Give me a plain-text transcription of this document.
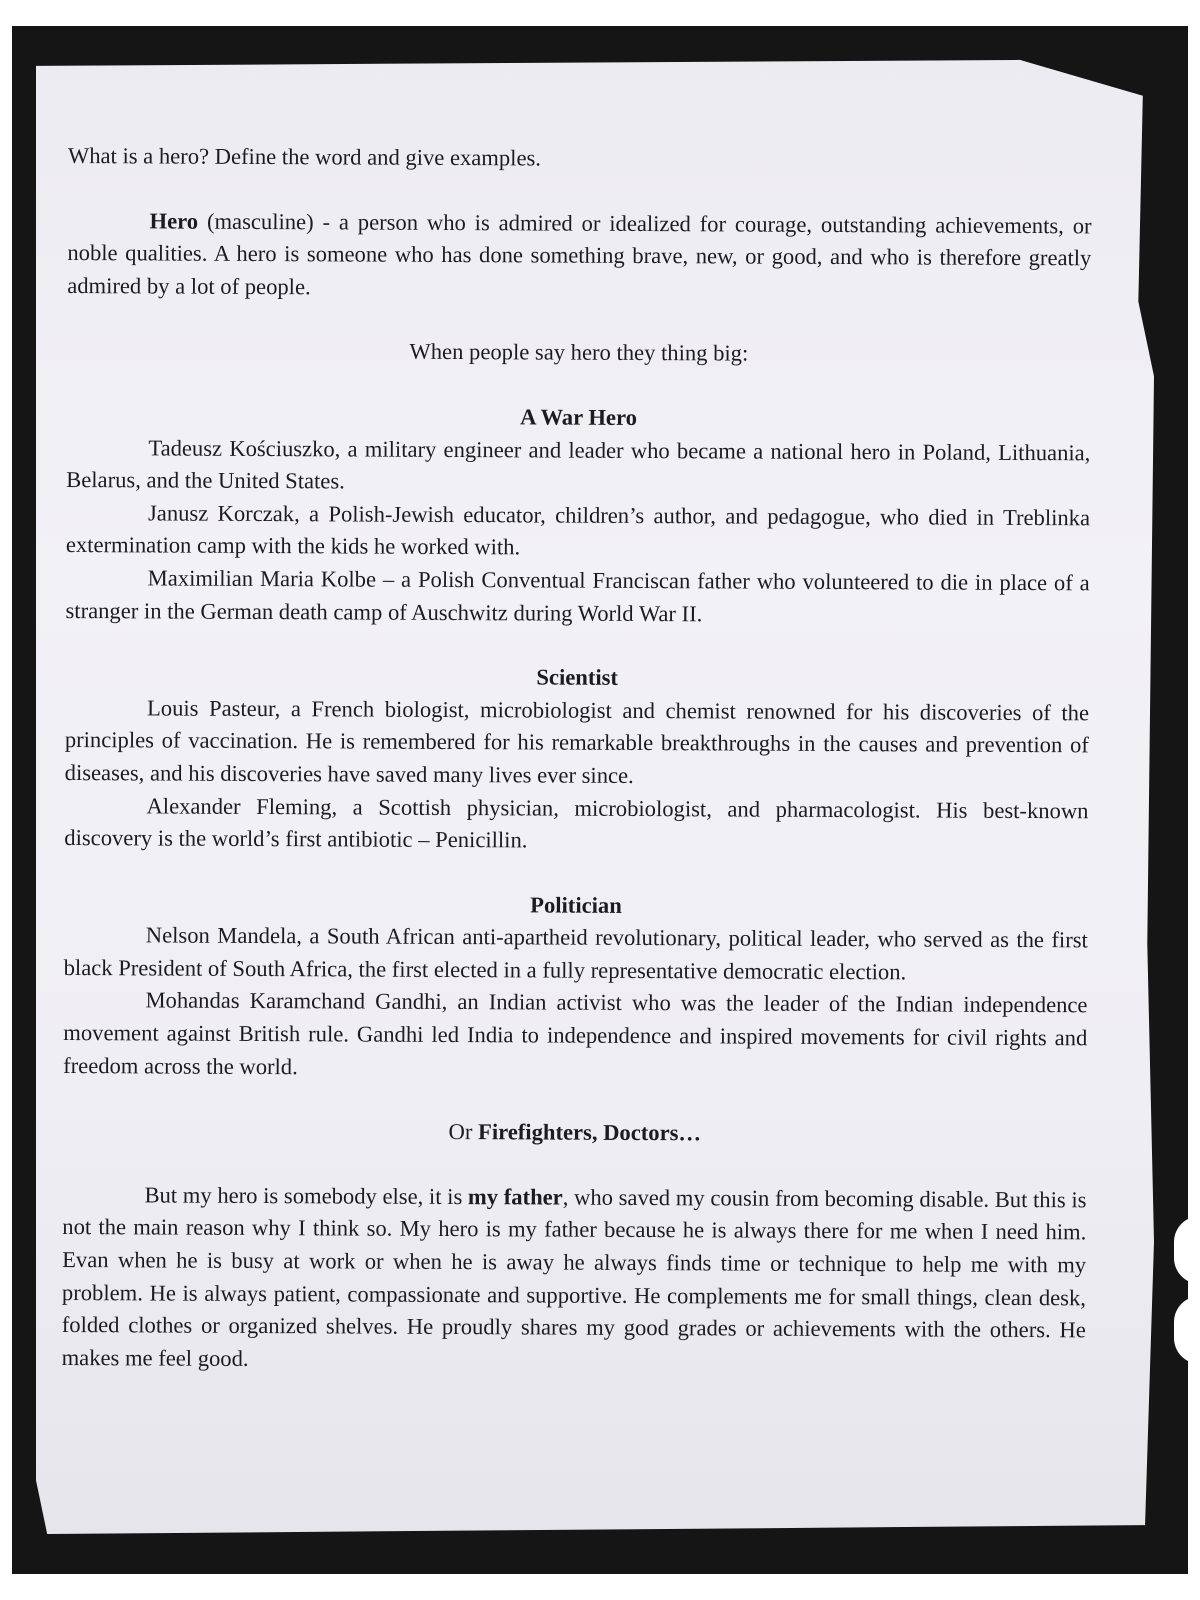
What is a hero? Define the word and give examples.

Hero (masculine) - a person who is admired or idealized for courage, outstanding achievements, or noble qualities. A hero is someone who has done something brave, new, or good, and who is therefore greatly admired by a lot of people.

When people say hero they thing big:

A War Hero

Tadeusz Kościuszko, a military engineer and leader who became a national hero in Poland, Lithuania, Belarus, and the United States.

Janusz Korczak, a Polish-Jewish educator, children’s author, and pedagogue, who died in Treblinka extermination camp with the kids he worked with.

Maximilian Maria Kolbe – a Polish Conventual Franciscan father who volunteered to die in place of a stranger in the German death camp of Auschwitz during World War II.

Scientist

Louis Pasteur, a French biologist, microbiologist and chemist renowned for his discoveries of the principles of vaccination. He is remembered for his remarkable breakthroughs in the causes and prevention of diseases, and his discoveries have saved many lives ever since.

Alexander Fleming, a Scottish physician, microbiologist, and pharmacologist. His best-known discovery is the world’s first antibiotic – Penicillin.

Politician

Nelson Mandela, a South African anti-apartheid revolutionary, political leader, who served as the first black President of South Africa, the first elected in a fully representative democratic election.

Mohandas Karamchand Gandhi, an Indian activist who was the leader of the Indian independence movement against British rule. Gandhi led India to independence and inspired movements for civil rights and freedom across the world.

Or Firefighters, Doctors…

But my hero is somebody else, it is my father, who saved my cousin from becoming disable. But this is not the main reason why I think so. My hero is my father because he is always there for me when I need him. Evan when he is busy at work or when he is away he always finds time or technique to help me with my problem. He is always patient, compassionate and supportive. He complements me for small things, clean desk, folded clothes or organized shelves. He proudly shares my good grades or achievements with the others. He makes me feel good.
